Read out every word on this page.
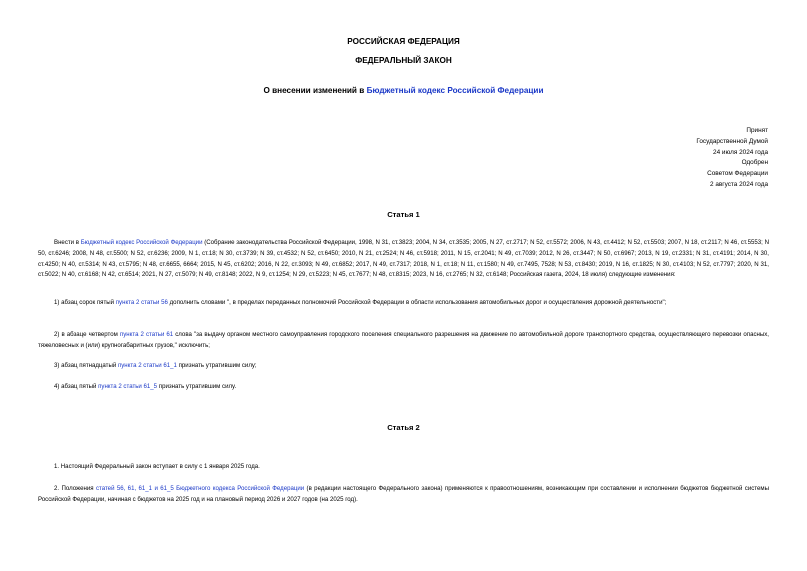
РОССИЙСКАЯ ФЕДЕРАЦИЯ
ФЕДЕРАЛЬНЫЙ ЗАКОН
О внесении изменений в Бюджетный кодекс Российской Федерации
Принят
Государственной Думой
24 июля 2024 года
Одобрен
Советом Федерации
2 августа 2024 года
Статья 1
Внести в Бюджетный кодекс Российской Федерации (Собрание законодательства Российской Федерации, 1998, N 31, ст.3823; 2004, N 34, ст.3535; 2005, N 27, ст.2717; N 52, ст.5572; 2006, N 43, ст.4412; N 52, ст.5503; 2007, N 18, ст.2117; N 46, ст.5553; N 50, ст.6246; 2008, N 48, ст.5500; N 52, ст.6236; 2009, N 1, ст.18; N 30, ст.3739; N 39, ст.4532; N 52, ст.6450; 2010, N 21, ст.2524; N 46, ст.5918; 2011, N 15, ст.2041; N 49, ст.7039; 2012, N 26, ст.3447; N 50, ст.6967; 2013, N 19, ст.2331; N 31, ст.4191; 2014, N 30, ст.4250; N 40, ст.5314; N 43, ст.5795; N 48, ст.6655, 6664; 2015, N 45, ст.6202; 2016, N 22, ст.3093; N 49, ст.6852; 2017, N 49, ст.7317; 2018, N 1, ст.18; N 11, ст.1580; N 49, ст.7495, 7528; N 53, ст.8430; 2019, N 16, ст.1825; N 30, ст.4103; N 52, ст.7797; 2020, N 31, ст.5022; N 40, ст.6168; N 42, ст.6514; 2021, N 27, ст.5079; N 49, ст.8148; 2022, N 9, ст.1254; N 29, ст.5223; N 45, ст.7677; N 48, ст.8315; 2023, N 16, ст.2765; N 32, ст.6148; Российская газета, 2024, 18 июля) следующие изменения:
1) абзац сорок пятый пункта 2 статьи 56 дополнить словами ", в пределах переданных полномочий Российской Федерации в области использования автомобильных дорог и осуществления дорожной деятельности";
2) в абзаце четвертом пункта 2 статьи 61 слова "за выдачу органом местного самоуправления городского поселения специального разрешения на движение по автомобильной дороге транспортного средства, осуществляющего перевозки опасных, тяжеловесных и (или) крупногабаритных грузов," исключить;
3) абзац пятнадцатый пункта 2 статьи 61_1 признать утратившим силу;
4) абзац пятый пункта 2 статьи 61_5 признать утратившим силу.
Статья 2
1. Настоящий Федеральный закон вступает в силу с 1 января 2025 года.
2. Положения статей 56, 61, 61_1 и 61_5 Бюджетного кодекса Российской Федерации (в редакции настоящего Федерального закона) применяются к правоотношениям, возникающим при составлении и исполнении бюджетов бюджетной системы Российской Федерации, начиная с бюджетов на 2025 год и на плановый период 2026 и 2027 годов (на 2025 год).
